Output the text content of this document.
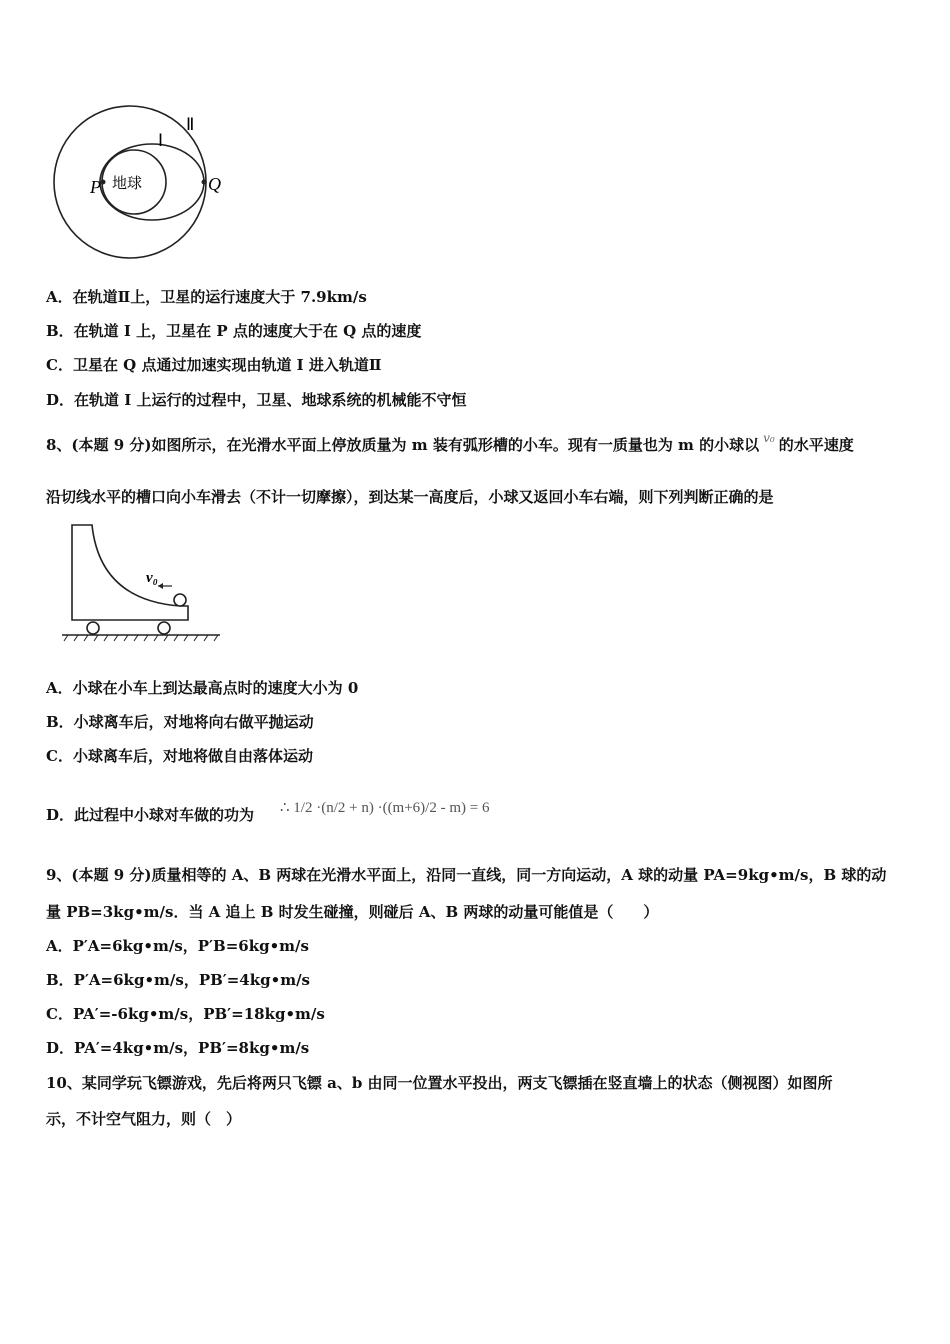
Ⅰ
Ⅱ
P	Q
地球
A．在轨道Ⅱ上，卫星的运行速度大于 7.9km/s
B．在轨道 I 上，卫星在 P 点的速度大于在 Q 点的速度
C．卫星在 Q 点通过加速实现由轨道 I 进入轨道Ⅱ
D．在轨道 I 上运行的过程中，卫星、地球系统的机械能不守恒
8、(本题 9 分)如图所示，在光滑水平面上停放质量为 m 装有弧形槽的小车。现有一质量也为 m 的小球以 $^{v_0}$ 的水平速度
沿切线水平的槽口向小车滑去（不计一切摩擦），到达某一高度后，小球又返回小车右端，则下列判断正确的是
v₀
A．小球在小车上到达最高点时的速度大小为 0
B．小球离车后，对地将向右做平抛运动
C．小球离车后，对地将做自由落体运动
D．此过程中小球对车做的功为 ∴ 1/2 ·(n/2 + n) ·((m+6)/2 - m) = 6
9、(本题 9 分)质量相等的 A、B 两球在光滑水平面上，沿同一直线，同一方向运动，A 球的动量 PA=9kg•m/s，B 球的动
量 PB=3kg•m/s．当 A 追上 B 时发生碰撞，则碰后 A、B 两球的动量可能值是（　　）
A．P′A=6kg•m/s，P′B=6kg•m/s
B．P′A=6kg•m/s，PB′=4kg•m/s
C．PA′=-6kg•m/s，PB′=18kg•m/s
D．PA′=4kg•m/s，PB′=8kg•m/s
10、某同学玩飞镖游戏，先后将两只飞镖 a、b 由同一位置水平投出，两支飞镖插在竖直墙上的状态（侧视图）如图所
示，不计空气阻力，则（　）
